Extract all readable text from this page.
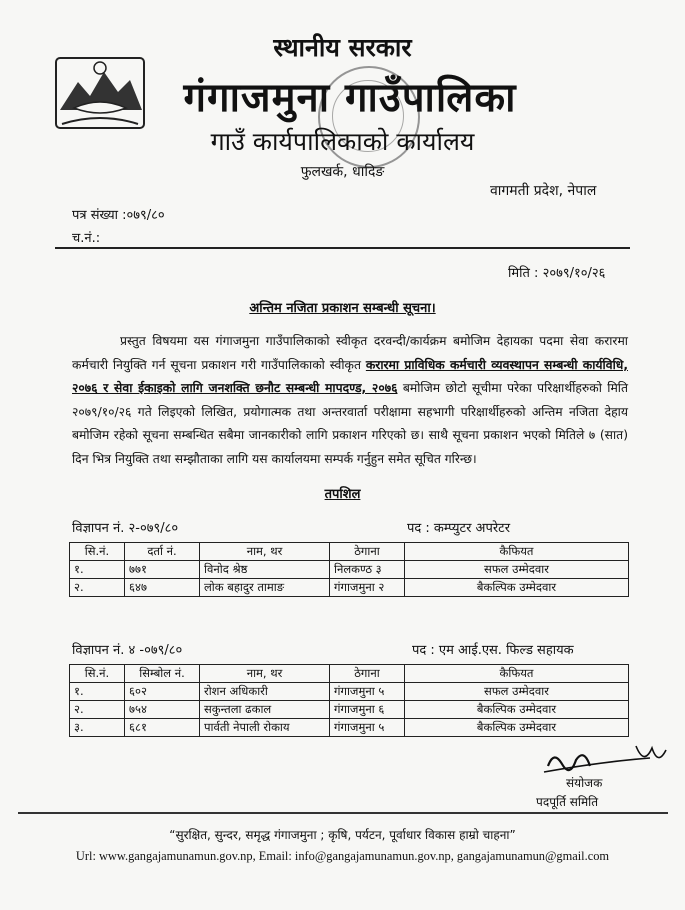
स्थानीय सरकार
गंगाजमुना गाउँपालिका
गाउँ कार्यपालिकाको कार्यालय
फुलखर्क, धादिङ
वागमती प्रदेश, नेपाल
पत्र संख्या :०७९/८०
च.नं.:
मिति : २०७९/१०/२६
अन्तिम नजिता प्रकाशन सम्बन्धी सूचना।
प्रस्तुत विषयमा यस गंगाजमुना गाउँपालिकाको स्वीकृत दरवन्दी/कार्यक्रम बमोजिम देहायका पदमा सेवा करारमा कर्मचारी नियुक्ति गर्न सूचना प्रकाशन गरी गाउँपालिकाको स्वीकृत करारमा प्राविधिक कर्मचारी व्यवस्थापन सम्बन्धी कार्यविधि, २०७६ र सेवा ईकाइको लागि जनशक्ति छनौट सम्बन्धी मापदण्ड, २०७६ बमोजिम छोटो सूचीमा परेका परिक्षार्थीहरुको मिति २०७९/१०/२६ गते लिइएको लिखित, प्रयोगात्मक तथा अन्तरवार्ता परीक्षामा सहभागी परिक्षार्थीहरुको अन्तिम नजिता देहाय बमोजिम रहेको सूचना सम्बन्धित सबैमा जानकारीको लागि प्रकाशन गरिएको छ। साथै सूचना प्रकाशन भएको मितिले ७ (सात) दिन भित्र नियुक्ति तथा सम्झौताका लागि यस कार्यालयमा सम्पर्क गर्नुहुन समेत सूचित गरिन्छ।
तपशिल
विज्ञापन नं. २-०७९/८०	पद : कम्प्युटर अपरेटर
सि.नं.	दर्ता नं.	नाम, थर	ठेगाना	कैफियत
१.	७७१	विनोद श्रेष्ठ	निलकण्ठ ३	सफल उम्मेदवार
२.	६४७	लोक बहादुर तामाङ	गंगाजमुना २	बैकल्पिक उम्मेदवार
विज्ञापन नं. ४ -०७९/८०	पद : एम आई.एस. फिल्ड सहायक
सि.नं.	सिम्बोल नं.	नाम, थर	ठेगाना	कैफियत
१.	६०२	रोशन अधिकारी	गंगाजमुना ५	सफल उम्मेदवार
२.	७५४	सकुन्तला ढकाल	गंगाजमुना ६	बैकल्पिक उम्मेदवार
३.	६८१	पार्वती नेपाली रोकाय	गंगाजमुना ५	बैकल्पिक उम्मेदवार
संयोजक
पदपूर्ति समिति
“सुरक्षित, सुन्दर, समृद्ध गंगाजमुना ; कृषि, पर्यटन, पूर्वाधार विकास हाम्रो चाहना”
Url: www.gangajamunamun.gov.np, Email: info@gangajamunamun.gov.np, gangajamunamun@gmail.com
